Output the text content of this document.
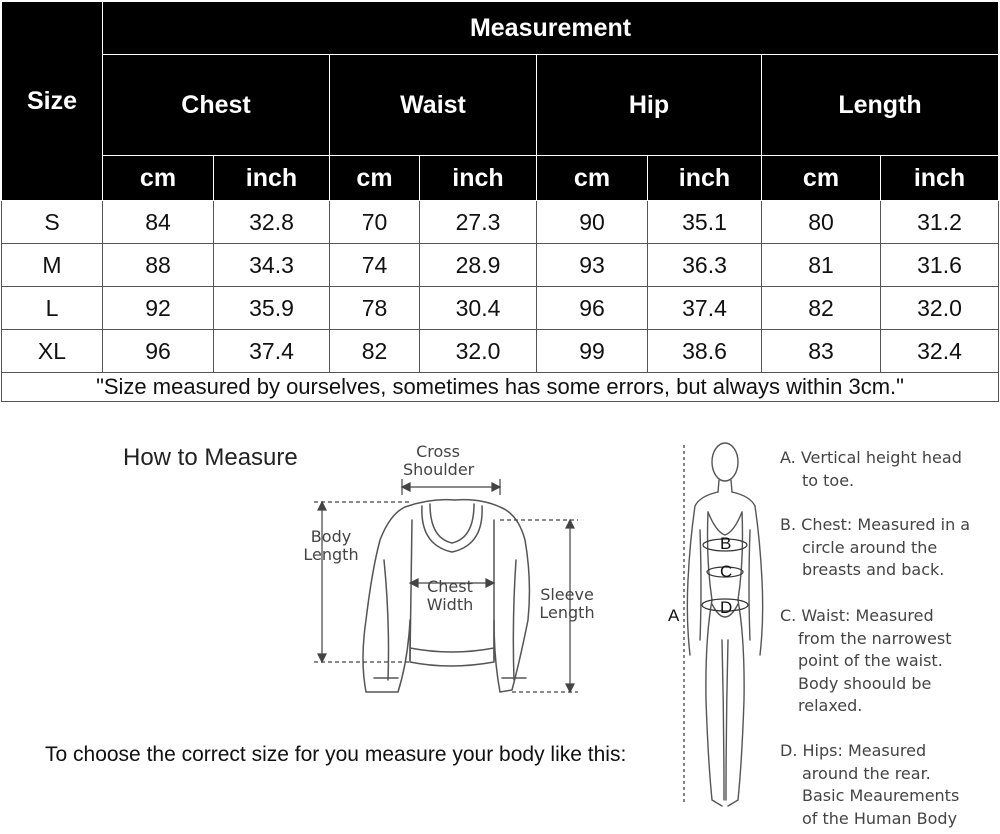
Size	Measurement							
	Chest		Waist		Hip		Length	
	cm	inch	cm	inch	cm	inch	cm	inch
S	84	32.8	70	27.3	90	35.1	80	31.2
M	88	34.3	74	28.9	93	36.3	81	31.6
L	92	35.9	78	30.4	96	37.4	82	32.0
XL	96	37.4	82	32.0	99	38.6	83	32.4
"Size measured by ourselves, sometimes has some errors, but always within 3cm."								
How to Measure	Cross
Shoulder
Body
Length
Chest
Width
Sleeve
Length
To choose the correct size for you measure your body like this:
A
B
C
D
A. Vertical height head
to toe.
B. Chest: Measured in a
circle around the
breasts and back.
C. Waist: Measured
from the narrowest
point of the waist.
Body shoould be
relaxed.
D. Hips: Measured
around the rear.
Basic Meaurements
of the Human Body
